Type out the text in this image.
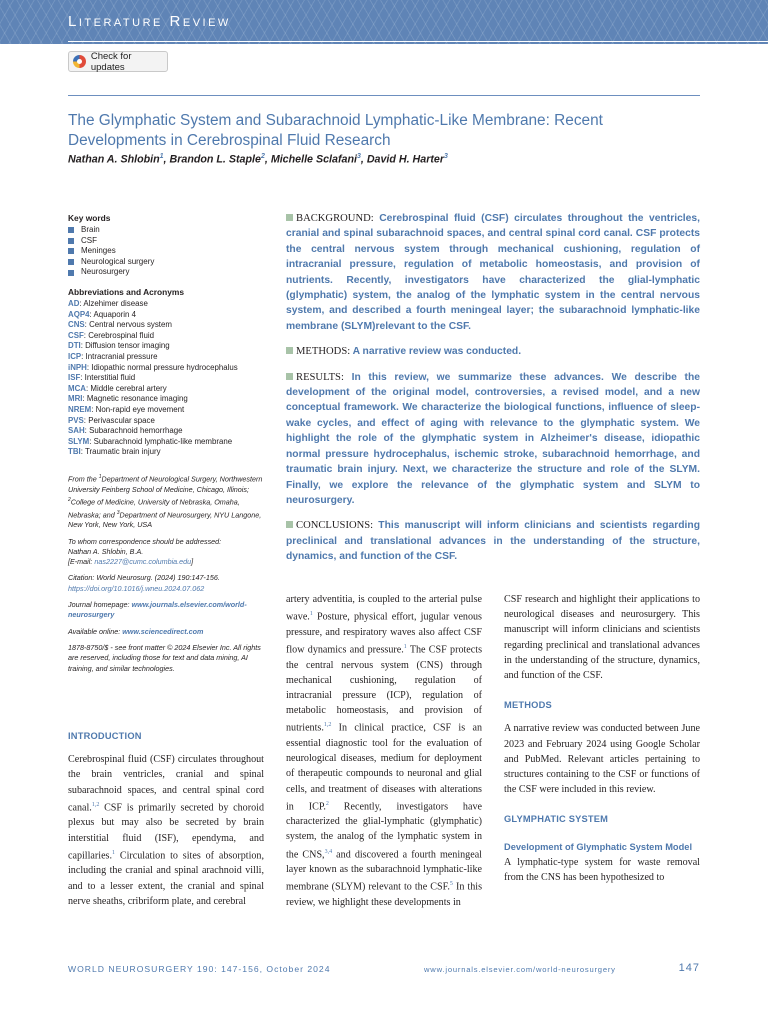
Literature Review
Check for updates
The Glymphatic System and Subarachnoid Lymphatic-Like Membrane: Recent Developments in Cerebrospinal Fluid Research
Nathan A. Shlobin$^1$, Brandon L. Staple$^2$, Michelle Sclafani$^3$, David H. Harter$^3$
Key words
Brain
CSF
Meninges
Neurological surgery
Neurosurgery
Abbreviations and Acronyms
AD: Alzehimer disease
AQP4: Aquaporin 4
CNS: Central nervous system
CSF: Cerebrospinal fluid
DTI: Diffusion tensor imaging
ICP: Intracranial pressure
iNPH: Idiopathic normal pressure hydrocephalus
ISF: Interstitial fluid
MCA: Middle cerebral artery
MRI: Magnetic resonance imaging
NREM: Non-rapid eye movement
PVS: Perivascular space
SAH: Subarachnoid hemorrhage
SLYM: Subarachnoid lymphatic-like membrane
TBI: Traumatic brain injury
From the $^1$Department of Neurological Surgery, Northwestern University Feinberg School of Medicine, Chicago, Illinois; $^2$College of Medicine, University of Nebraska, Omaha, Nebraska; and $^3$Department of Neurosurgery, NYU Langone, New York, New York, USA
To whom correspondence should be addressed:
Nathan A. Shlobin, B.A.
[E-mail: nas2227@cumc.columbia.edu]
Citation: World Neurosurg. (2024) 190:147-156.
https://doi.org/10.1016/j.wneu.2024.07.062
Journal homepage: www.journals.elsevier.com/world-neurosurgery
Available online: www.sciencedirect.com
1878-8750/$ - see front matter © 2024 Elsevier Inc. All rights are reserved, including those for text and data mining, AI training, and similar technologies.

BACKGROUND: Cerebrospinal fluid (CSF) circulates throughout the ventricles, cranial and spinal subarachnoid spaces, and central spinal cord canal. CSF protects the central nervous system through mechanical cushioning, regulation of intracranial pressure, regulation of metabolic homeostasis, and provision of nutrients. Recently, investigators have characterized the glial-lymphatic (glymphatic) system, the analog of the lymphatic system in the central nervous system, and described a fourth meningeal layer; the subarachnoid lymphatic-like membrane (SLYM)relevant to the CSF.

METHODS: A narrative review was conducted.

RESULTS: In this review, we summarize these advances. We describe the development of the original model, controversies, a revised model, and a new conceptual framework. We characterize the biological functions, influence of sleep-wake cycles, and effect of aging with relevance to the glymphatic system. We highlight the role of the glymphatic system in Alzheimer's disease, idiopathic normal pressure hydrocephalus, ischemic stroke, subarachnoid hemorrhage, and traumatic brain injury. Next, we characterize the structure and role of the SLYM. Finally, we explore the relevance of the glymphatic system and SLYM to neurosurgery.

CONCLUSIONS: This manuscript will inform clinicians and scientists regarding preclinical and translational advances in the understanding of the structure, dynamics, and function of the CSF.

INTRODUCTION

Cerebrospinal fluid (CSF) circulates throughout the brain ventricles, cranial and spinal subarachnoid spaces, and central spinal cord canal.$^{1,2}$ CSF is primarily secreted by choroid plexus but may also be secreted by brain interstitial fluid (ISF), ependyma, and capillaries.$^1$ Circulation to sites of absorption, including the cranial and spinal arachnoid villi, and to a lesser extent, the cranial and spinal nerve sheaths, cribriform plate, and cerebral

artery adventitia, is coupled to the arterial pulse wave.$^1$ Posture, physical effort, jugular venous pressure, and respiratory waves also affect CSF flow dynamics and pressure.$^1$ The CSF protects the central nervous system (CNS) through mechanical cushioning, regulation of intracranial pressure (ICP), regulation of metabolic homeostasis, and provision of nutrients.$^{1,2}$ In clinical practice, CSF is an essential diagnostic tool for the evaluation of neurological diseases, medium for deployment of therapeutic compounds to neuronal and glial cells, and treatment of diseases with alterations in ICP.$^2$ Recently, investigators have characterized the glial-lymphatic (glymphatic) system, the analog of the lymphatic system in the CNS,$^{3,4}$ and discovered a fourth meningeal layer known as the subarachnoid lymphatic-like membrane (SLYM) relevant to the CSF.$^5$ In this review, we highlight these developments in

CSF research and highlight their applications to neurological diseases and neurosurgery. This manuscript will inform clinicians and scientists regarding preclinical and translational advances in the understanding of the structure, dynamics, and function of the CSF.

METHODS

A narrative review was conducted between June 2023 and February 2024 using Google Scholar and PubMed. Relevant articles pertaining to structures containing to the CSF or functions of the CSF were included in this review.

GLYMPHATIC SYSTEM
Development of Glymphatic System Model

A lymphatic-type system for waste removal from the CNS has been hypothesized to

WORLD NEUROSURGERY 190: 147-156, October 2024	www.journals.elsevier.com/world-neurosurgery	147
